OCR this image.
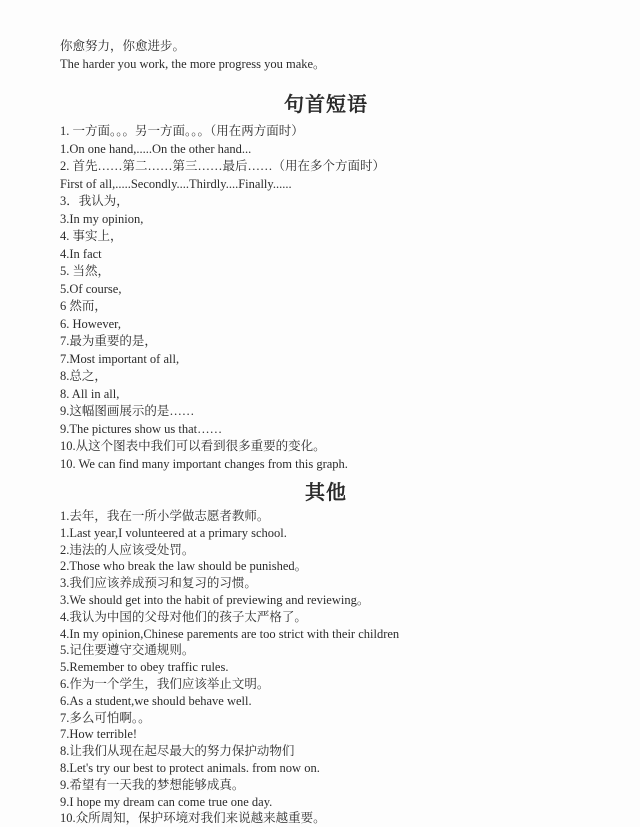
你愈努力，你愈进步。

The harder you work, the more progress you make。

句首短语

1. 一方面。。。另一方面。。。（用在两方面时）

1.On one hand,.....On the other hand...

2. 首先……第二……第三……最后……（用在多个方面时）

First of all,.....Secondly....Thirdly....Finally......

3．我认为，

3.In my opinion,

4. 事实上，

4.In fact

5. 当然，

5.Of course,

6 然而，

6. However,

7.最为重要的是，

7.Most important of all,

8.总之，

8. All in all,

9.这幅图画展示的是……

9.The pictures show us that……

10.从这个图表中我们可以看到很多重要的变化。

10. We can find many important changes from this graph.

其他

1.去年，我在一所小学做志愿者教师。

1.Last year,I volunteered at a primary school.

2.违法的人应该受处罚。

2.Those who break the law should be punished。

3.我们应该养成预习和复习的习惯。

3.We should get into the habit of previewing and reviewing。

4.我认为中国的父母对他们的孩子太严格了。

4.In my opinion,Chinese parements are too strict with their children

5.记住要遵守交通规则。

5.Remember to obey traffic rules.

6.作为一个学生，我们应该举止文明。

6.As a student,we should behave well.

7.多么可怕啊。。

7.How terrible!

8.让我们从现在起尽最大的努力保护动物们

8.Let's try our best to protect animals. from now on.

9.希望有一天我的梦想能够成真。

9.I hope my dream can come true one day.

10.众所周知，保护环境对我们来说越来越重要。
